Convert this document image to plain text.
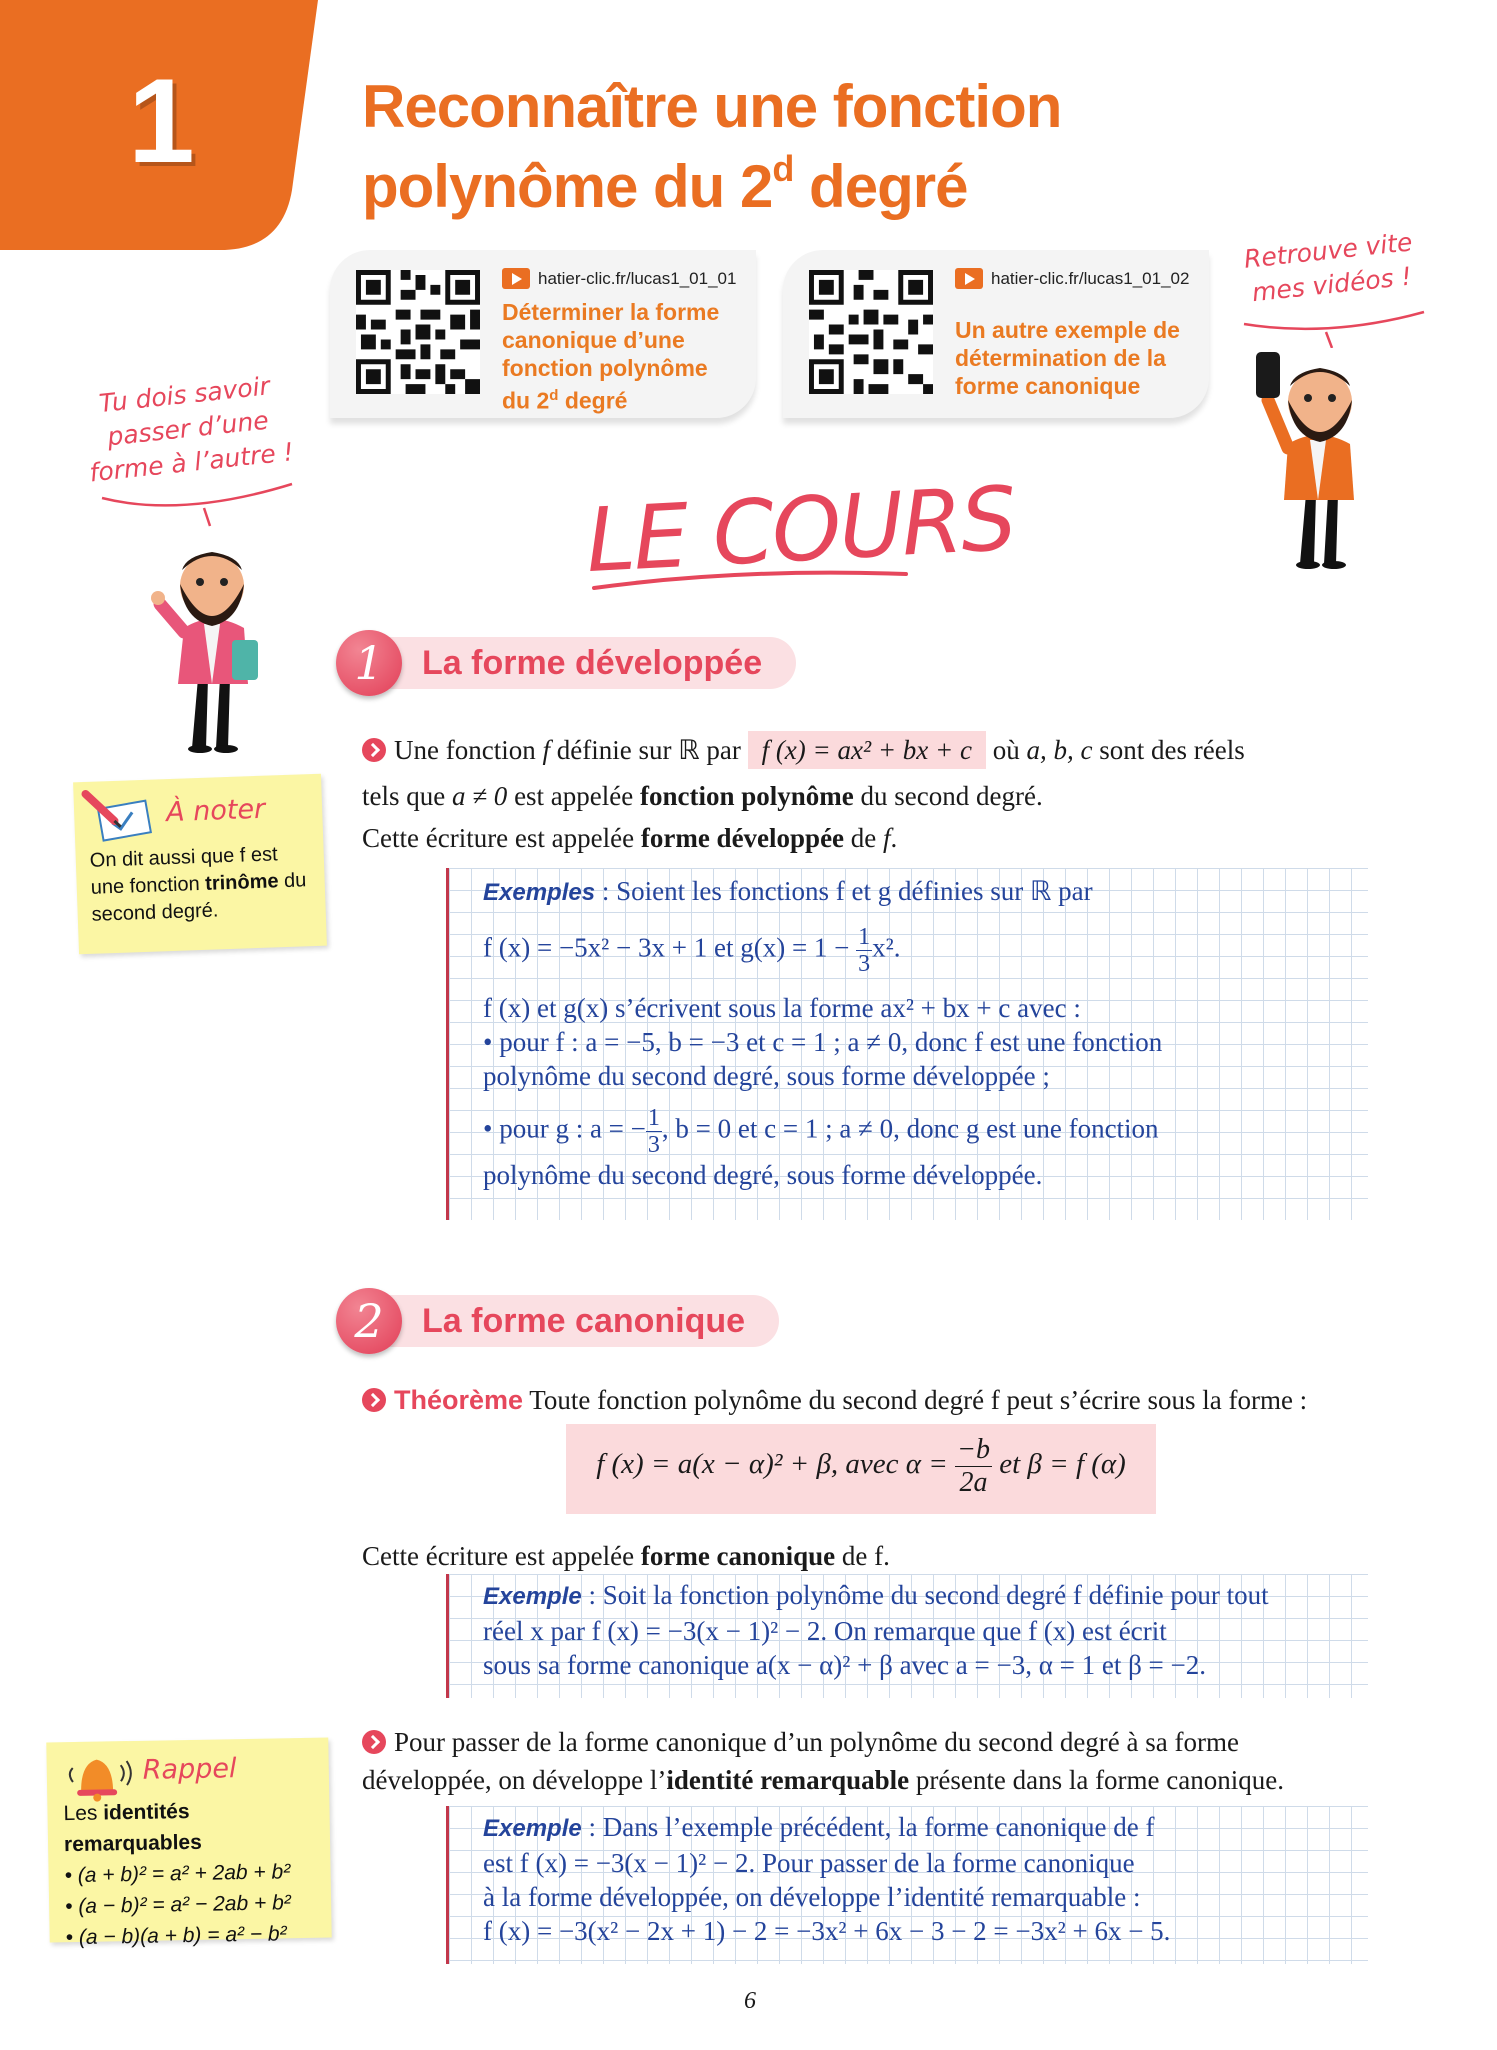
1	Reconnaître une fonction
polynôme du 2$^d$ degré
hatier-clic.fr/lucas1_01_01
Déterminer la forme canonique d’une fonction polynôme du 2$^d$ degré
hatier-clic.fr/lucas1_01_02
Un autre exemple de détermination de la forme canonique
Tu dois savoir passer d’une forme à l’autre !
Retrouve vite mes vidéos !
LE COURS
1	La forme développée
Une fonction f définie sur ℝ par f (x) = ax² + bx + c où a, b, c sont des réels
tels que a ≠ 0 est appelée fonction polynôme du second degré.
Cette écriture est appelée forme développée de f.
Exemples : Soient les fonctions f et g définies sur ℝ par
f (x) = −5x² − 3x + 1 et $g(x) = 1 - \frac{1}{3} x^2$.
f (x) et g(x) s’écrivent sous la forme ax² + bx + c avec :
• pour f : a = −5, b = −3 et c = 1 ; a ≠ 0, donc f est une fonction
polynôme du second degré, sous forme développée ;
• pour g : a = − $\frac{1}{3}$ , b = 0 et c = 1 ; a ≠ 0, donc g est une fonction
polynôme du second degré, sous forme développée.
2	La forme canonique
Théorème Toute fonction polynôme du second degré f peut s’écrire sous la forme :
f (x) = a(x − α)² + β, avec $\alpha = \frac{-b}{2a}$ et β = f (α)
Cette écriture est appelée forme canonique de f.
Exemple : Soit la fonction polynôme du second degré f définie pour tout
réel x par f (x) = −3(x − 1)² − 2. On remarque que f (x) est écrit
sous sa forme canonique a(x − α)² + β avec a = −3, α = 1 et β = −2.
Pour passer de la forme canonique d’un polynôme du second degré à sa forme
développée, on développe l’identité remarquable présente dans la forme canonique.
Exemple : Dans l’exemple précédent, la forme canonique de f
est f (x) = −3(x − 1)² − 2. Pour passer de la forme canonique
à la forme développée, on développe l’identité remarquable :
f (x) = −3(x² − 2x + 1) − 2 = −3x² + 6x − 3 − 2 = −3x² + 6x − 5.
À noter
On dit aussi que f est une fonction trinôme du second degré.
Rappel
Les identités remarquables
• (a + b)² = a² + 2ab + b²
• (a − b)² = a² − 2ab + b²
• (a − b)(a + b) = a² − b²
6
